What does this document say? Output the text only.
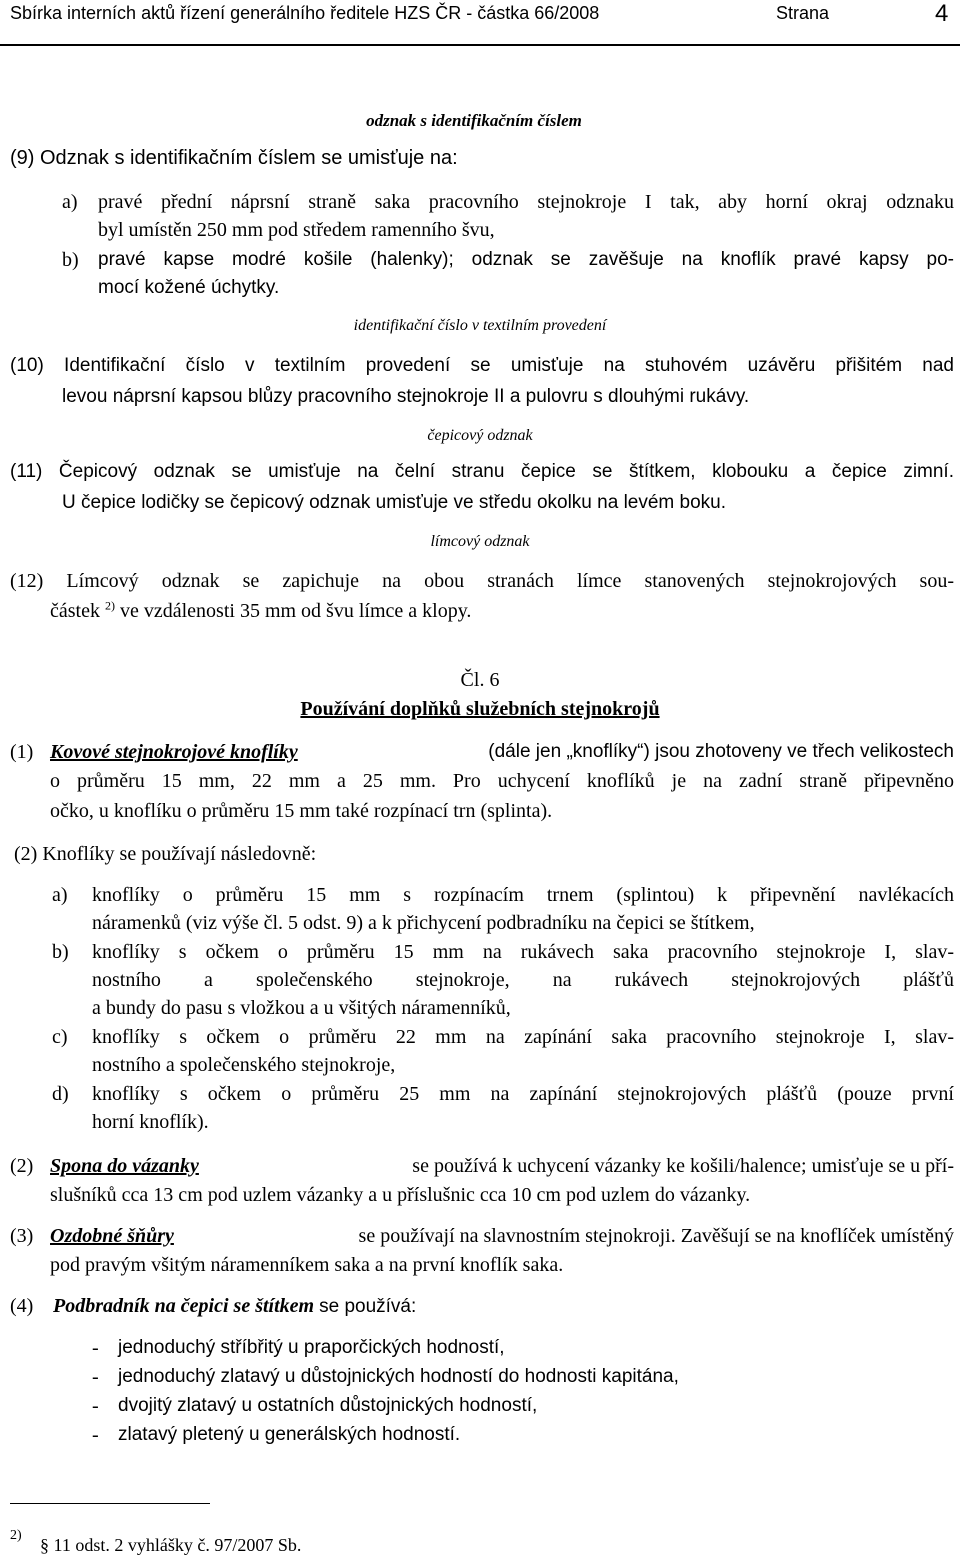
Sbírka interních aktů řízení generálního ředitele HZS ČR - částka 66/2008	Strana	4
odznak s identifikačním číslem
(9) Odznak s identifikačním číslem se umisťuje na:
a) pravé přední náprsní straně saka pracovního stejnokroje I tak, aby horní okraj odznaku
byl umístěn 250 mm pod středem ramenního švu,
b) pravé kapse modré košile (halenky); odznak se zavěšuje na knoflík pravé kapsy po-
mocí kožené úchytky.
identifikační číslo v textilním provedení
(10) Identifikační číslo v textilním provedení se umisťuje na stuhovém uzávěru přišitém nad
levou náprsní kapsou blůzy pracovního stejnokroje II a pulovru s dlouhými rukávy.
čepicový odznak
(11) Čepicový odznak se umisťuje na čelní stranu čepice se štítkem, klobouku a čepice zimní.
U čepice lodičky se čepicový odznak umisťuje ve středu okolku na levém boku.
límcový odznak
(12) Límcový odznak se zapichuje na obou stranách límce stanovených stejnokrojových sou-
částek $^{2)}$ ve vzdálenosti 35 mm od švu límce a klopy.
Čl. 6
Používání doplňků služebních stejnokrojů
(1) Kovové stejnokrojové knoflíky	(dále jen „knoflíky“) jsou zhotoveny ve třech velikostech
o průměru 15 mm, 22 mm a 25 mm. Pro uchycení knoflíků je na zadní straně připevněno
očko, u knoflíku o průměru 15 mm také rozpínací trn (splinta).
(2) Knoflíky se používají následovně:
a) knoflíky o průměru 15 mm s rozpínacím trnem (splintou) k připevnění navlékacích
náramenků (viz výše čl. 5 odst. 9) a k přichycení podbradníku na čepici se štítkem,
b) knoflíky s očkem o průměru 15 mm na rukávech saka pracovního stejnokroje I, slav-
nostního a společenského stejnokroje, na rukávech stejnokrojových plášťů
a bundy do pasu s vložkou a u všitých náramenníků,
c) knoflíky s očkem o průměru 22 mm na zapínání saka pracovního stejnokroje I, slav-
nostního a společenského stejnokroje,
d) knoflíky s očkem o průměru 25 mm na zapínání stejnokrojových plášťů (pouze první
horní knoflík).
(2) Spona do vázanky	se používá k uchycení vázanky ke košili/halence; umisťuje se u pří-
slušníků cca 13 cm pod uzlem vázanky a u příslušnic cca 10 cm pod uzlem do vázanky.
(3) Ozdobné šňůry	se používají na slavnostním stejnokroji. Zavěšují se na knoflíček umístěný
pod pravým všitým náramenníkem saka a na první knoflík saka.
(4) Podbradník na čepici se štítkem se používá:
- jednoduchý stříbřitý u praporčických hodností,
- jednoduchý zlatavý u důstojnických hodností do hodnosti kapitána,
- dvojitý zlatavý u ostatních důstojnických hodností,
- zlatavý pletený u generálských hodností.
2) § 11 odst. 2 vyhlášky č. 97/2007 Sb.
